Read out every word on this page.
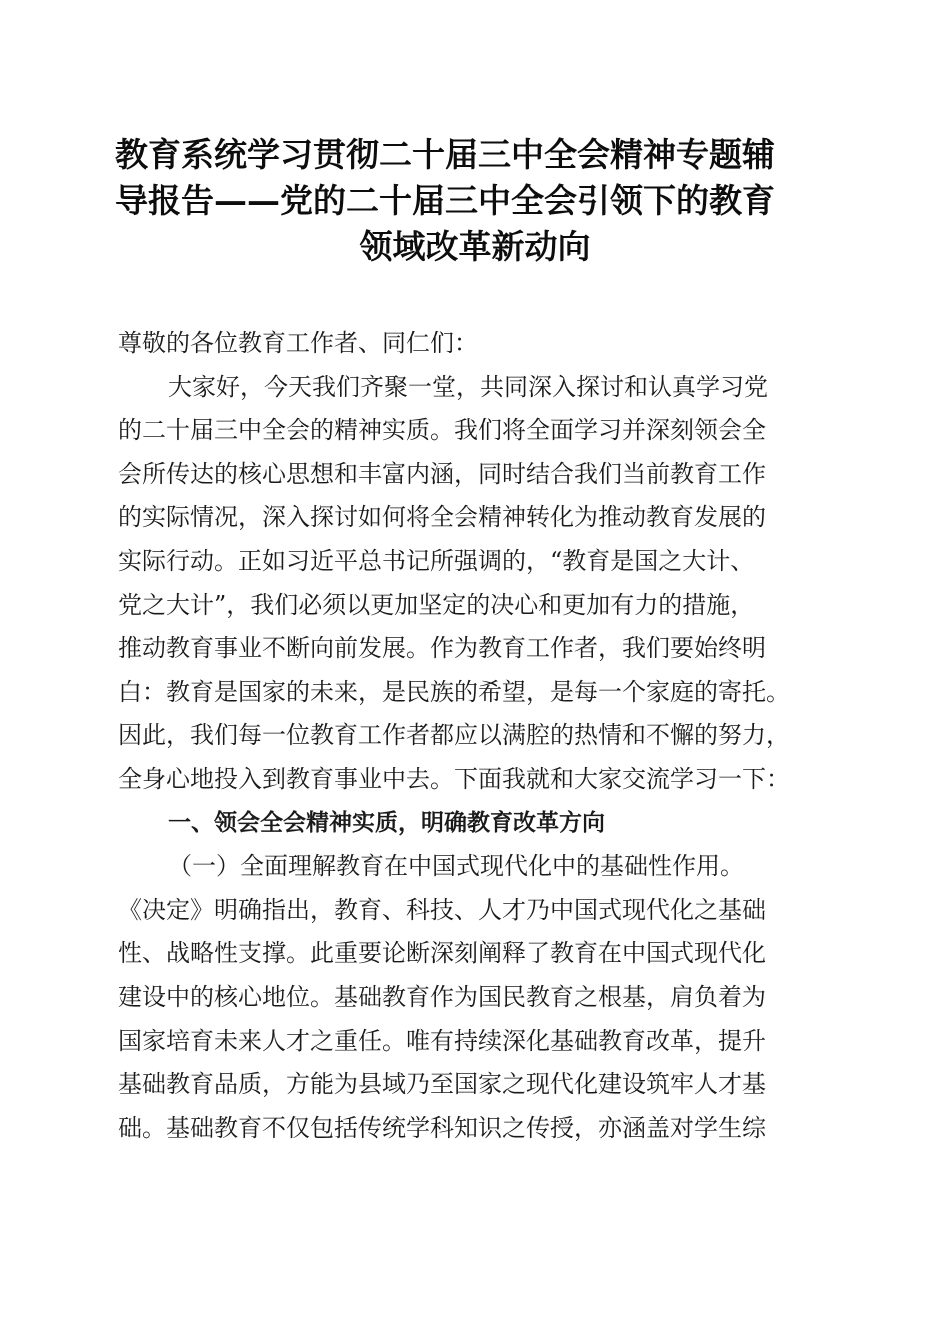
教育系统学习贯彻二十届三中全会精神专题辅
导报告——党的二十届三中全会引领下的教育
领域改革新动向
尊敬的各位教育工作者、同仁们：
大家好，今天我们齐聚一堂，共同深入探讨和认真学习党
的二十届三中全会的精神实质。我们将全面学习并深刻领会全
会所传达的核心思想和丰富内涵，同时结合我们当前教育工作
的实际情况，深入探讨如何将全会精神转化为推动教育发展的
实际行动。正如习近平总书记所强调的，“教育是国之大计、
党之大计”，我们必须以更加坚定的决心和更加有力的措施，
推动教育事业不断向前发展。作为教育工作者，我们要始终明
白：教育是国家的未来，是民族的希望，是每一个家庭的寄托。
因此，我们每一位教育工作者都应以满腔的热情和不懈的努力，
全身心地投入到教育事业中去。下面我就和大家交流学习一下：
一、领会全会精神实质，明确教育改革方向
（一）全面理解教育在中国式现代化中的基础性作用。
《决定》明确指出，教育、科技、人才乃中国式现代化之基础
性、战略性支撑。此重要论断深刻阐释了教育在中国式现代化
建设中的核心地位。基础教育作为国民教育之根基，肩负着为
国家培育未来人才之重任。唯有持续深化基础教育改革，提升
基础教育品质，方能为县域乃至国家之现代化建设筑牢人才基
础。基础教育不仅包括传统学科知识之传授，亦涵盖对学生综
